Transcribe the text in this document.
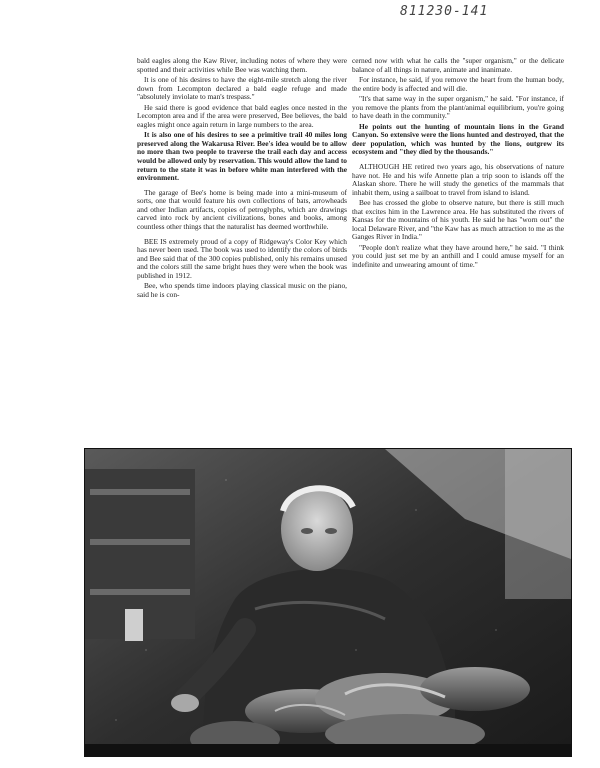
811230-141

bald eagles along the Kaw River, including notes of where they were spotted and their activities while Bee was watching them.

It is one of his desires to have the eight-mile stretch along the river down from Lecompton declared a bald eagle refuge and made "absolutely inviolate to man's trespass."

He said there is good evidence that bald eagles once nested in the Lecompton area and if the area were preserved, Bee believes, the bald eagles might once again return in large numbers to the area.

It is also one of his desires to see a primitive trail 40 miles long preserved along the Wakarusa River. Bee's idea would be to allow no more than two people to traverse the trail each day and access would be allowed only by reservation. This would allow the land to return to the state it was in before white man interfered with the environment.

The garage of Bee's home is being made into a mini-museum of sorts, one that would feature his own collections of bats, arrowheads and other Indian artifacts, copies of petroglyphs, which are drawings carved into rock by ancient civilizations, bones and books, among countless other things that the naturalist has deemed worthwhile.

BEE IS extremely proud of a copy of Ridgeway's Color Key which has never been used. The book was used to identify the colors of birds and Bee said that of the 300 copies published, only his remains unused and the colors still the same bright hues they were when the book was published in 1912.

Bee, who spends time indoors playing classical music on the piano, said he is con-

cerned now with what he calls the "super organism," or the delicate balance of all things in nature, animate and inanimate.

For instance, he said, if you remove the heart from the human body, the entire body is affected and will die.

"It's that same way in the super organism," he said. "For instance, if you remove the plants from the plant/animal equilibrium, you're going to have death in the community."

He points out the hunting of mountain lions in the Grand Canyon. So extensive were the lions hunted and destroyed, that the deer population, which was hunted by the lions, outgrew its ecosystem and "they died by the thousands."

ALTHOUGH HE retired two years ago, his observations of nature have not. He and his wife Annette plan a trip soon to islands off the Alaskan shore. There he will study the genetics of the mammals that inhabit them, using a sailboat to travel from island to island.

Bee has crossed the globe to observe nature, but there is still much that excites him in the Lawrence area. He has substituted the rivers of Kansas for the mountains of his youth. He said he has "worn out" the local Delaware River, and "the Kaw has as much attraction to me as the Ganges River in India."

"People don't realize what they have around here," he said. "I think you could just set me by an anthill and I could amuse myself for an indefinite and unwearing amount of time."
